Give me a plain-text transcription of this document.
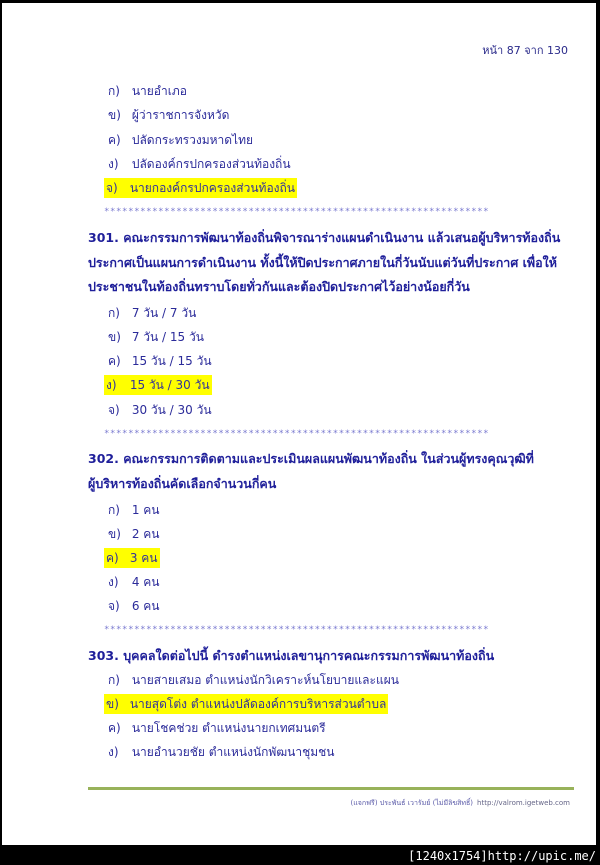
หน้า 87 จาก 130
ก) นายอำเภอ
ข) ผู้ว่าราชการจังหวัด
ค) ปลัดกระทรวงมหาดไทย
ง) ปลัดองค์กรปกครองส่วนท้องถิ่น
จ) นายกองค์กรปกครองส่วนท้องถิ่น
****************************************************************
301. คณะกรรมการพัฒนาท้องถิ่นพิจารณาร่างแผนดำเนินงาน แล้วเสนอผู้บริหารท้องถิ่น
ประกาศเป็นแผนการดำเนินงาน ทั้งนี้ให้ปิดประกาศภายในกี่วันนับแต่วันที่ประกาศ เพื่อให้
ประชาชนในท้องถิ่นทราบโดยทั่วกันและต้องปิดประกาศไว้อย่างน้อยกี่วัน
ก) 7 วัน / 7 วัน
ข) 7 วัน / 15 วัน
ค) 15 วัน / 15 วัน
ง) 15 วัน / 30 วัน
จ) 30 วัน / 30 วัน
****************************************************************
302. คณะกรรมการติดตามและประเมินผลแผนพัฒนาท้องถิ่น ในส่วนผู้ทรงคุณวุฒิที่
ผู้บริหารท้องถิ่นคัดเลือกจำนวนกี่คน
ก) 1 คน
ข) 2 คน
ค) 3 คน
ง) 4 คน
จ) 6 คน
****************************************************************
303. บุคคลใดต่อไปนี้ ดำรงตำแหน่งเลขานุการคณะกรรมการพัฒนาท้องถิ่น
ก) นายสายเสมอ ตำแหน่งนักวิเคราะห์นโยบายและแผน
ข) นายสุดโต่ง ตำแหน่งปลัดองค์การบริหารส่วนตำบล
ค) นายโชคช่วย ตำแหน่งนายกเทศมนตรี
ง) นายอำนวยชัย ตำแหน่งนักพัฒนาชุมชน
(แจกฟรี) ประพันธ์ เวารัมย์ (ไม่มีลิขสิทธิ์) http://valrom.igetweb.com
[1240x1754]http://upic.me/
